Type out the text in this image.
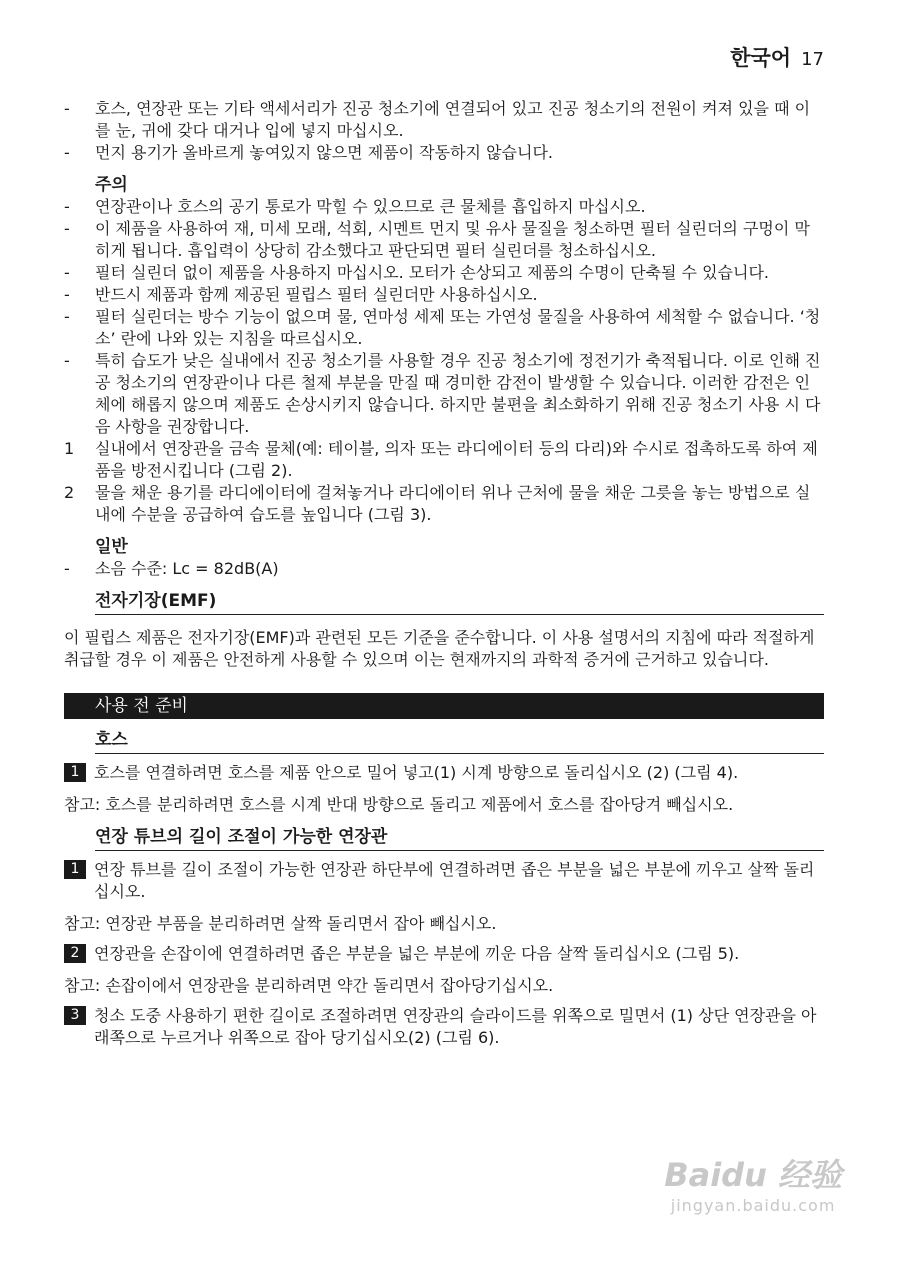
한국어 17
-	호스, 연장관 또는 기타 액세서리가 진공 청소기에 연결되어 있고 진공 청소기의 전원이 켜져 있을 때 이를 눈, 귀에 갖다 대거나 입에 넣지 마십시오.
-	먼지 용기가 올바르게 놓여있지 않으면 제품이 작동하지 않습니다.
주의
-	연장관이나 호스의 공기 통로가 막힐 수 있으므로 큰 물체를 흡입하지 마십시오.
-	이 제품을 사용하여 재, 미세 모래, 석회, 시멘트 먼지 및 유사 물질을 청소하면 필터 실린더의 구멍이 막히게 됩니다. 흡입력이 상당히 감소했다고 판단되면 필터 실린더를 청소하십시오.
-	필터 실린더 없이 제품을 사용하지 마십시오. 모터가 손상되고 제품의 수명이 단축될 수 있습니다.
-	반드시 제품과 함께 제공된 필립스 필터 실린더만 사용하십시오.
-	필터 실린더는 방수 기능이 없으며 물, 연마성 세제 또는 가연성 물질을 사용하여 세척할 수 없습니다. ‘청소’ 란에 나와 있는 지침을 따르십시오.
-	특히 습도가 낮은 실내에서 진공 청소기를 사용할 경우 진공 청소기에 정전기가 축적됩니다. 이로 인해 진공 청소기의 연장관이나 다른 철제 부분을 만질 때 경미한 감전이 발생할 수 있습니다. 이러한 감전은 인체에 해롭지 않으며 제품도 손상시키지 않습니다. 하지만 불편을 최소화하기 위해 진공 청소기 사용 시 다음 사항을 권장합니다.
1	실내에서 연장관을 금속 물체(예: 테이블, 의자 또는 라디에이터 등의 다리)와 수시로 접촉하도록 하여 제품을 방전시킵니다 (그림 2).
2	물을 채운 용기를 라디에이터에 걸쳐놓거나 라디에이터 위나 근처에 물을 채운 그릇을 놓는 방법으로 실내에 수분을 공급하여 습도를 높입니다 (그림 3).
일반
-	소음 수준: Lc = 82dB(A)
전자기장(EMF)
이 필립스 제품은 전자기장(EMF)과 관련된 모든 기준을 준수합니다. 이 사용 설명서의 지침에 따라 적절하게 취급할 경우 이 제품은 안전하게 사용할 수 있으며 이는 현재까지의 과학적 증거에 근거하고 있습니다.
사용 전 준비
호스
1 호스를 연결하려면 호스를 제품 안으로 밀어 넣고(1) 시계 방향으로 돌리십시오 (2) (그림 4).
참고: 호스를 분리하려면 호스를 시계 반대 방향으로 돌리고 제품에서 호스를 잡아당겨 빼십시오.
연장 튜브의 길이 조절이 가능한 연장관
1 연장 튜브를 길이 조절이 가능한 연장관 하단부에 연결하려면 좁은 부분을 넓은 부분에 끼우고 살짝 돌리십시오.
참고: 연장관 부품을 분리하려면 살짝 돌리면서 잡아 빼십시오.
2 연장관을 손잡이에 연결하려면 좁은 부분을 넓은 부분에 끼운 다음 살짝 돌리십시오 (그림 5).
참고: 손잡이에서 연장관을 분리하려면 약간 돌리면서 잡아당기십시오.
3 청소 도중 사용하기 편한 길이로 조절하려면 연장관의 슬라이드를 위쪽으로 밀면서 (1) 상단 연장관을 아래쪽으로 누르거나 위쪽으로 잡아 당기십시오(2) (그림 6).
Baidu 经验
jingyan.baidu.com
